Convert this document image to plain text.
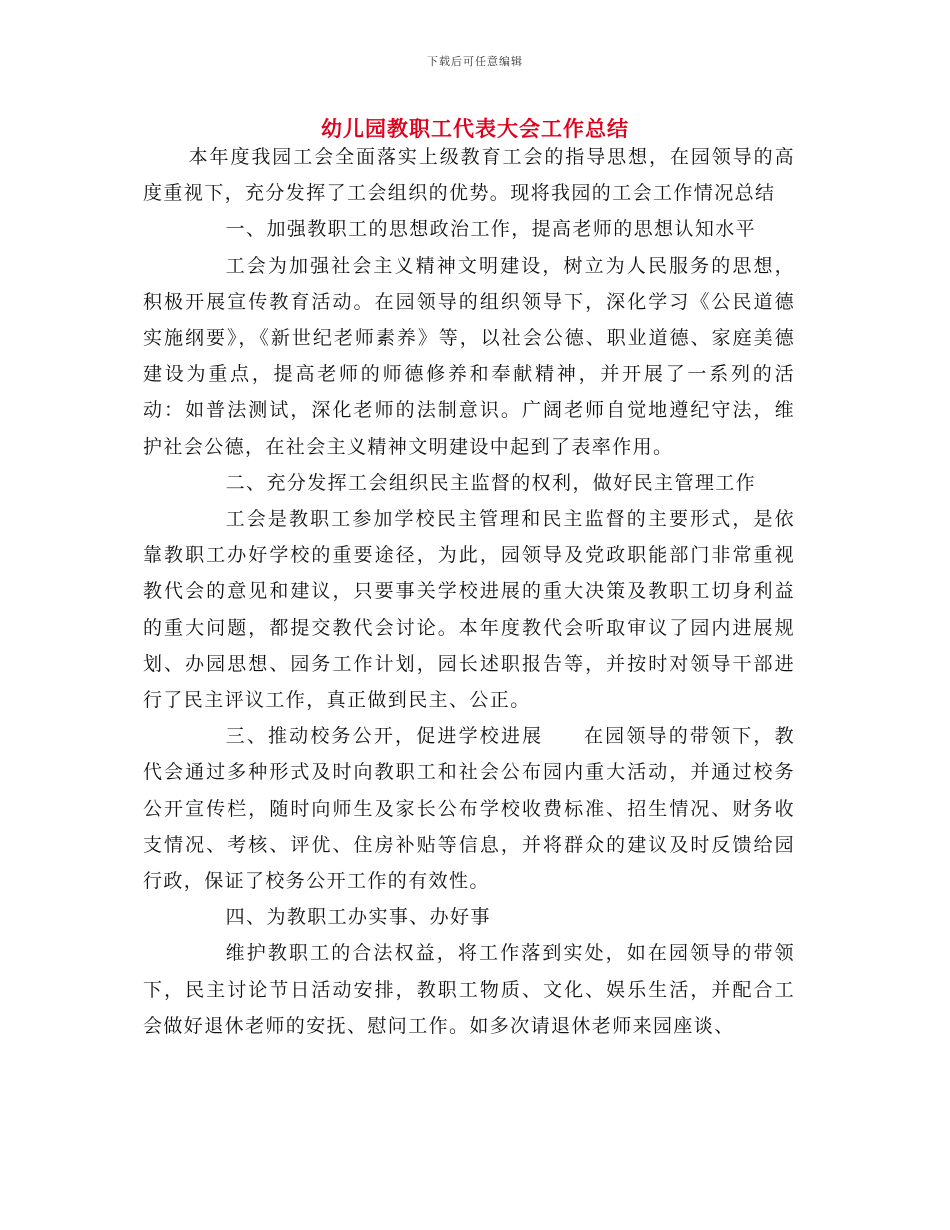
下载后可任意编辑
幼儿园教职工代表大会工作总结

本年度我园工会全面落实上级教育工会的指导思想，在园领导的高度重视下，充分发挥了工会组织的优势。现将我园的工会工作情况总结

一、加强教职工的思想政治工作，提高老师的思想认知水平

工会为加强社会主义精神文明建设，树立为人民服务的思想，积极开展宣传教育活动。在园领导的组织领导下，深化学习《公民道德实施纲要》，《新世纪老师素养》等，以社会公德、职业道德、家庭美德建设为重点，提高老师的师德修养和奉献精神，并开展了一系列的活动：如普法测试，深化老师的法制意识。广阔老师自觉地遵纪守法，维护社会公德，在社会主义精神文明建设中起到了表率作用。

二、充分发挥工会组织民主监督的权利，做好民主管理工作

工会是教职工参加学校民主管理和民主监督的主要形式，是依靠教职工办好学校的重要途径，为此，园领导及党政职能部门非常重视教代会的意见和建议，只要事关学校进展的重大决策及教职工切身利益的重大问题，都提交教代会讨论。本年度教代会听取审议了园内进展规划、办园思想、园务工作计划，园长述职报告等，并按时对领导干部进行了民主评议工作，真正做到民主、公正。

三、推动校务公开，促进学校进展 在园领导的带领下，教代会通过多种形式及时向教职工和社会公布园内重大活动，并通过校务公开宣传栏，随时向师生及家长公布学校收费标准、招生情况、财务收支情况、考核、评优、住房补贴等信息，并将群众的建议及时反馈给园行政，保证了校务公开工作的有效性。

四、为教职工办实事、办好事

维护教职工的合法权益，将工作落到实处，如在园领导的带领下，民主讨论节日活动安排，教职工物质、文化、娱乐生活，并配合工会做好退休老师的安抚、慰问工作。如多次请退休老师来园座谈、
